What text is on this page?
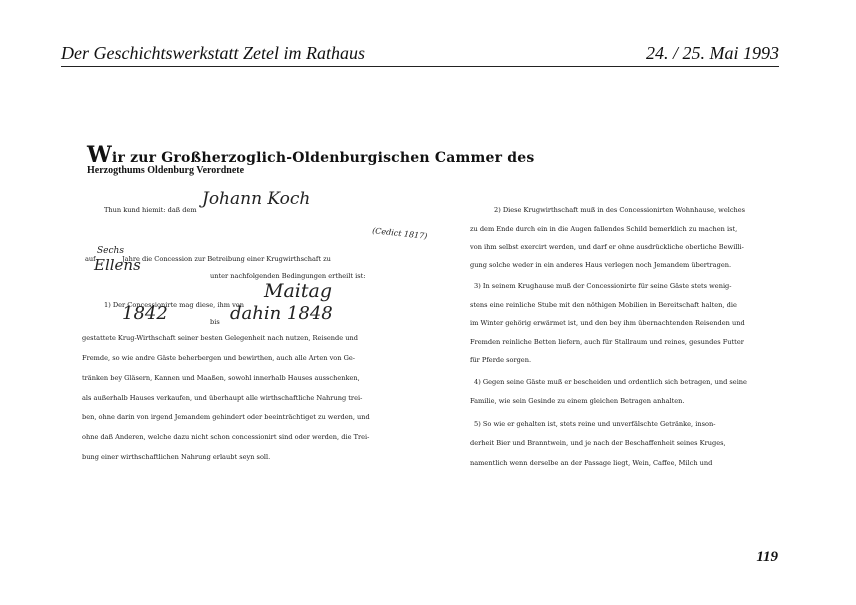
Der Geschichtswerkstatt Zetel im Rathaus	24. / 25. Mai 1993
Wir zur Großherzoglich-Oldenburgischen Cammer des
Herzogthums Oldenburg Verordnete
Thun kund hiemit: daß dem
Johann Koch
(Cedict 1817)
auf
Sechs
Jahre die Concession zur Betreibung einer Krugwirthschaft zu
Ellens
unter nachfolgenden Bedingungen ertheilt ist:
1) Der Concessionirte mag diese, ihm von
Maitag
1842	bis dahin 1848
gestattete Krug-Wirthschaft seiner besten Gelegenheit nach nutzen, Reisende und
Fremde, so wie andre Gäste beherbergen und bewirthen, auch alle Arten von Ge-
tränken bey Gläsern, Kannen und Maaßen, sowohl innerhalb Hauses ausschenken,
als außerhalb Hauses verkaufen, und überhaupt alle wirthschaftliche Nahrung trei-
ben, ohne darin von irgend Jemandem gehindert oder beeinträchtiget zu werden, und
ohne daß Anderen, welche dazu nicht schon concessionirt sind oder werden, die Trei-
bung einer wirthschaftlichen Nahrung erlaubt seyn soll.
2) Diese Krugwirthschaft muß in des Concessionirten Wohnhause, welches
zu dem Ende durch ein in die Augen fallendes Schild bemerklich zu machen ist,
von ihm selbst exercirt werden, und darf er ohne ausdrückliche oberliche Bewilli-
gung solche weder in ein anderes Haus verlegen noch Jemandem übertragen.
3) In seinem Krughause muß der Concessionirte für seine Gäste stets wenig-
stens eine reinliche Stube mit den nöthigen Mobilien in Bereitschaft halten, die
im Winter gehörig erwärmet ist, und den bey ihm übernachtenden Reisenden und
Fremden reinliche Betten liefern, auch für Stallraum und reines, gesundes Futter
für Pferde sorgen.
4) Gegen seine Gäste muß er bescheiden und ordentlich sich betragen, und seine
Familie, wie sein Gesinde zu einem gleichen Betragen anhalten.
5) So wie er gehalten ist, stets reine und unverfälschte Getränke, inson-
derheit Bier und Branntwein, und je nach der Beschaffenheit seines Kruges,
namentlich wenn derselbe an der Passage liegt, Wein, Caffee, Milch und
119
